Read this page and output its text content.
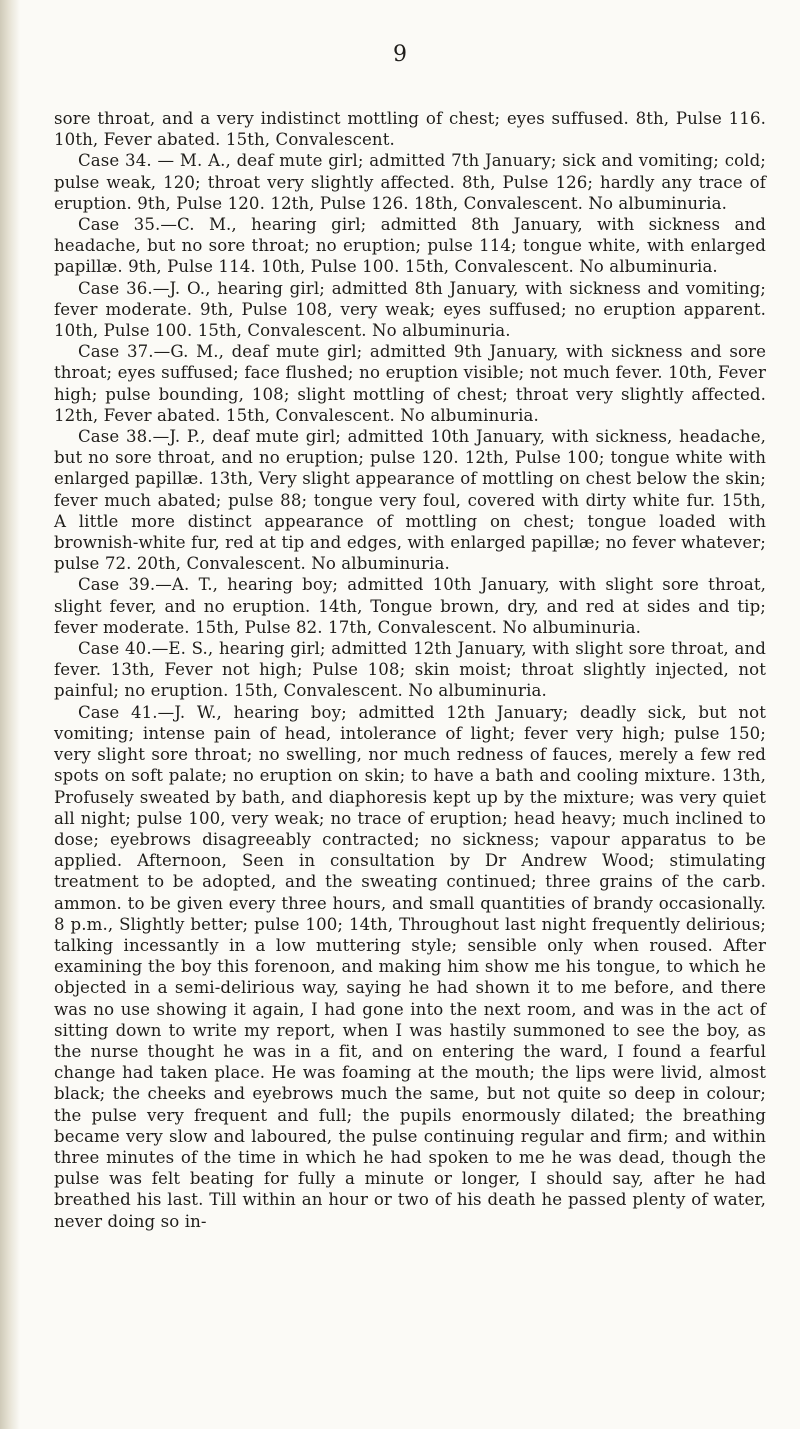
9

sore throat, and a very indistinct mottling of chest; eyes suffused. 8th, Pulse 116. 10th, Fever abated. 15th, Convalescent.

Case 34. — M. A., deaf mute girl; admitted 7th January; sick and vomiting; cold; pulse weak, 120; throat very slightly affected. 8th, Pulse 126; hardly any trace of eruption. 9th, Pulse 120. 12th, Pulse 126. 18th, Convalescent. No albuminuria.

Case 35.—C. M., hearing girl; admitted 8th January, with sickness and headache, but no sore throat; no eruption; pulse 114; tongue white, with enlarged papillæ. 9th, Pulse 114. 10th, Pulse 100. 15th, Convalescent. No albuminuria.

Case 36.—J. O., hearing girl; admitted 8th January, with sickness and vomiting; fever moderate. 9th, Pulse 108, very weak; eyes suffused; no eruption apparent. 10th, Pulse 100. 15th, Convalescent. No albuminuria.

Case 37.—G. M., deaf mute girl; admitted 9th January, with sickness and sore throat; eyes suffused; face flushed; no eruption visible; not much fever. 10th, Fever high; pulse bounding, 108; slight mottling of chest; throat very slightly affected. 12th, Fever abated. 15th, Convalescent. No albuminuria.

Case 38.—J. P., deaf mute girl; admitted 10th January, with sickness, headache, but no sore throat, and no eruption; pulse 120. 12th, Pulse 100; tongue white with enlarged papillæ. 13th, Very slight appearance of mottling on chest below the skin; fever much abated; pulse 88; tongue very foul, covered with dirty white fur. 15th, A little more distinct appearance of mottling on chest; tongue loaded with brownish-white fur, red at tip and edges, with enlarged papillæ; no fever whatever; pulse 72. 20th, Convalescent. No albuminuria.

Case 39.—A. T., hearing boy; admitted 10th January, with slight sore throat, slight fever, and no eruption. 14th, Tongue brown, dry, and red at sides and tip; fever moderate. 15th, Pulse 82. 17th, Convalescent. No albuminuria.

Case 40.—E. S., hearing girl; admitted 12th January, with slight sore throat, and fever. 13th, Fever not high; Pulse 108; skin moist; throat slightly injected, not painful; no eruption. 15th, Convalescent. No albuminuria.

Case 41.—J. W., hearing boy; admitted 12th January; deadly sick, but not vomiting; intense pain of head, intolerance of light; fever very high; pulse 150; very slight sore throat; no swelling, nor much redness of fauces, merely a few red spots on soft palate; no eruption on skin; to have a bath and cooling mixture. 13th, Profusely sweated by bath, and diaphoresis kept up by the mixture; was very quiet all night; pulse 100, very weak; no trace of eruption; head heavy; much inclined to dose; eyebrows disagreeably contracted; no sickness; vapour apparatus to be applied. Afternoon, Seen in consultation by Dr Andrew Wood; stimulating treatment to be adopted, and the sweating continued; three grains of the carb. ammon. to be given every three hours, and small quantities of brandy occasionally. 8 p.m., Slightly better; pulse 100; 14th, Throughout last night frequently delirious; talking incessantly in a low muttering style; sensible only when roused. After examining the boy this forenoon, and making him show me his tongue, to which he objected in a semi-delirious way, saying he had shown it to me before, and there was no use showing it again, I had gone into the next room, and was in the act of sitting down to write my report, when I was hastily summoned to see the boy, as the nurse thought he was in a fit, and on entering the ward, I found a fearful change had taken place. He was foaming at the mouth; the lips were livid, almost black; the cheeks and eyebrows much the same, but not quite so deep in colour; the pulse very frequent and full; the pupils enormously dilated; the breathing became very slow and laboured, the pulse continuing regular and firm; and within three minutes of the time in which he had spoken to me he was dead, though the pulse was felt beating for fully a minute or longer, I should say, after he had breathed his last. Till within an hour or two of his death he passed plenty of water, never doing so in-
